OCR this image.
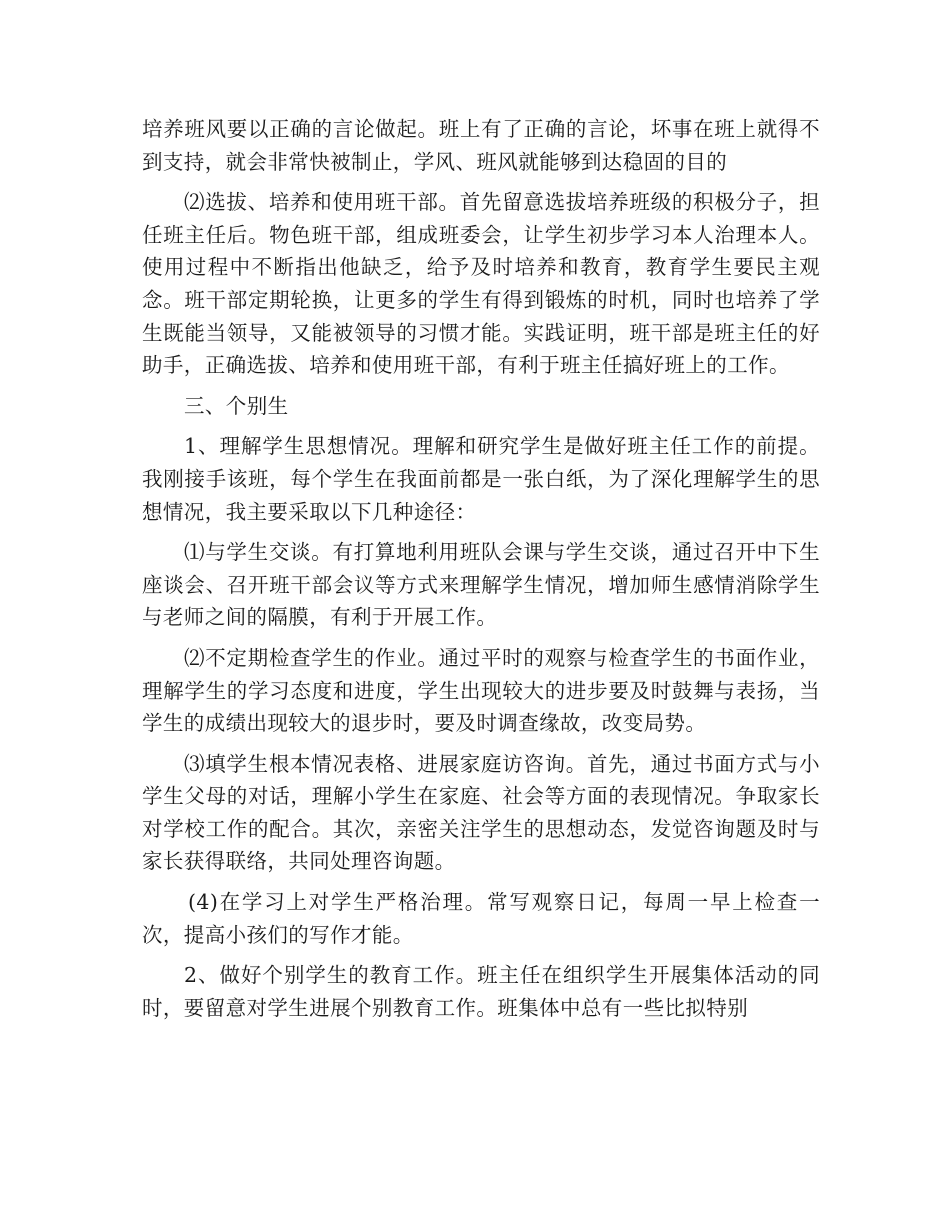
培养班风要以正确的言论做起。班上有了正确的言论，坏事在班上就得不到支持，就会非常快被制止，学风、班风就能够到达稳固的目的

⑵选拔、培养和使用班干部。首先留意选拔培养班级的积极分子，担任班主任后。物色班干部，组成班委会，让学生初步学习本人治理本人。使用过程中不断指出他缺乏，给予及时培养和教育，教育学生要民主观念。班干部定期轮换，让更多的学生有得到锻炼的时机，同时也培养了学生既能当领导，又能被领导的习惯才能。实践证明，班干部是班主任的好助手，正确选拔、培养和使用班干部，有利于班主任搞好班上的工作。

三、个别生

1、理解学生思想情况。理解和研究学生是做好班主任工作的前提。我刚接手该班，每个学生在我面前都是一张白纸，为了深化理解学生的思想情况，我主要采取以下几种途径：

⑴与学生交谈。有打算地利用班队会课与学生交谈，通过召开中下生座谈会、召开班干部会议等方式来理解学生情况，增加师生感情消除学生与老师之间的隔膜，有利于开展工作。

⑵不定期检查学生的作业。通过平时的观察与检查学生的书面作业，理解学生的学习态度和进度，学生出现较大的进步要及时鼓舞与表扬，当学生的成绩出现较大的退步时，要及时调查缘故，改变局势。

⑶填学生根本情况表格、进展家庭访咨询。首先，通过书面方式与小学生父母的对话，理解小学生在家庭、社会等方面的表现情况。争取家长对学校工作的配合。其次，亲密关注学生的思想动态，发觉咨询题及时与家长获得联络，共同处理咨询题。

(4)在学习上对学生严格治理。常写观察日记，每周一早上检查一次，提高小孩们的写作才能。

2、做好个别学生的教育工作。班主任在组织学生开展集体活动的同时，要留意对学生进展个别教育工作。班集体中总有一些比拟特别
